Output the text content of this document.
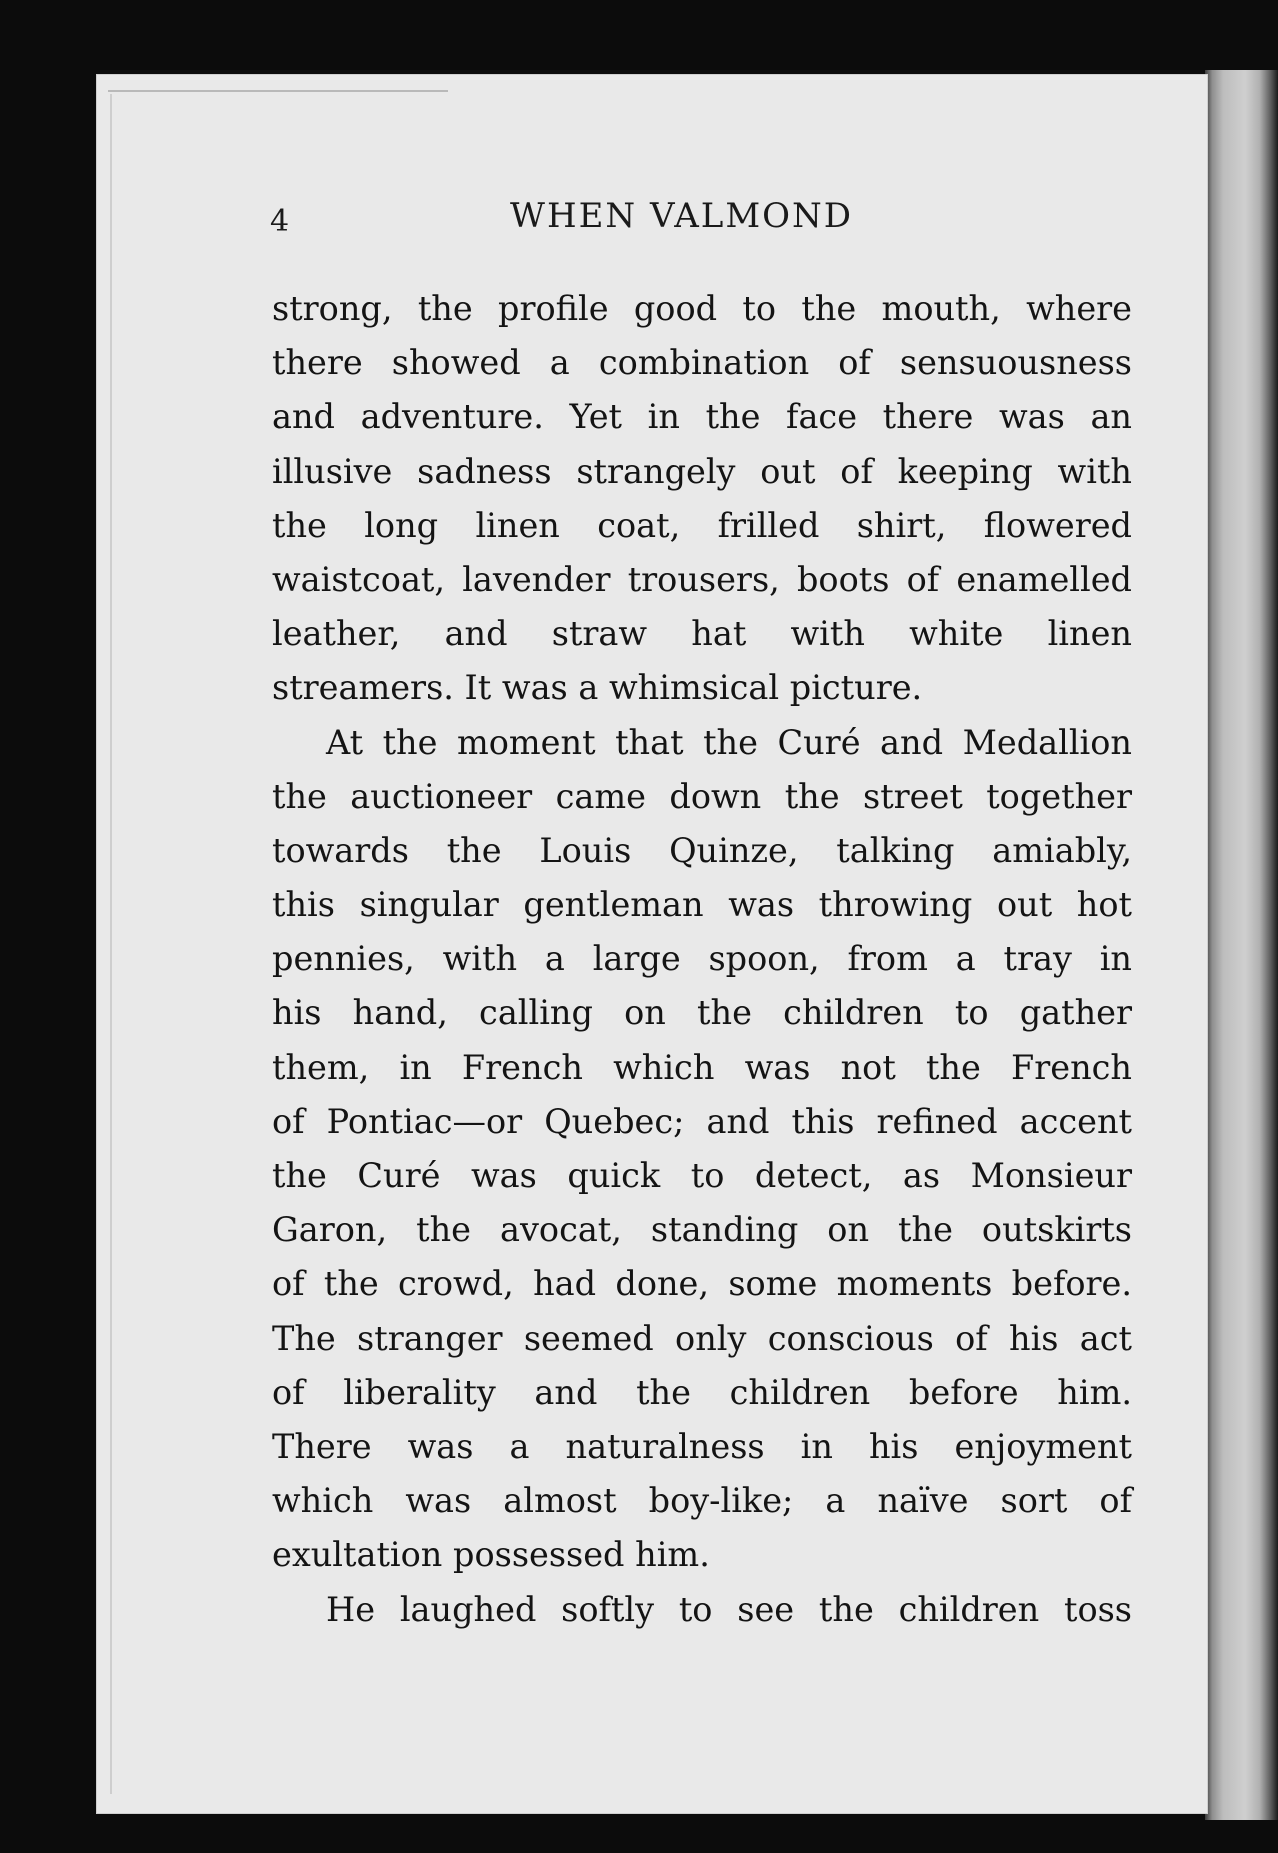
4	WHEN VALMOND
strong, the profile good to the mouth, where
there showed a combination of sensuousness
and adventure. Yet in the face there was an
illusive sadness strangely out of keeping with
the long linen coat, frilled shirt, flowered
waistcoat, lavender trousers, boots of enamelled
leather, and straw hat with white linen
streamers. It was a whimsical picture.
At the moment that the Curé and Medallion
the auctioneer came down the street together
towards the Louis Quinze, talking amiably,
this singular gentleman was throwing out hot
pennies, with a large spoon, from a tray in
his hand, calling on the children to gather
them, in French which was not the French
of Pontiac—or Quebec; and this refined accent
the Curé was quick to detect, as Monsieur
Garon, the avocat, standing on the outskirts
of the crowd, had done, some moments before.
The stranger seemed only conscious of his act
of liberality and the children before him.
There was a naturalness in his enjoyment
which was almost boy-like; a naïve sort of
exultation possessed him.
He laughed softly to see the children toss
